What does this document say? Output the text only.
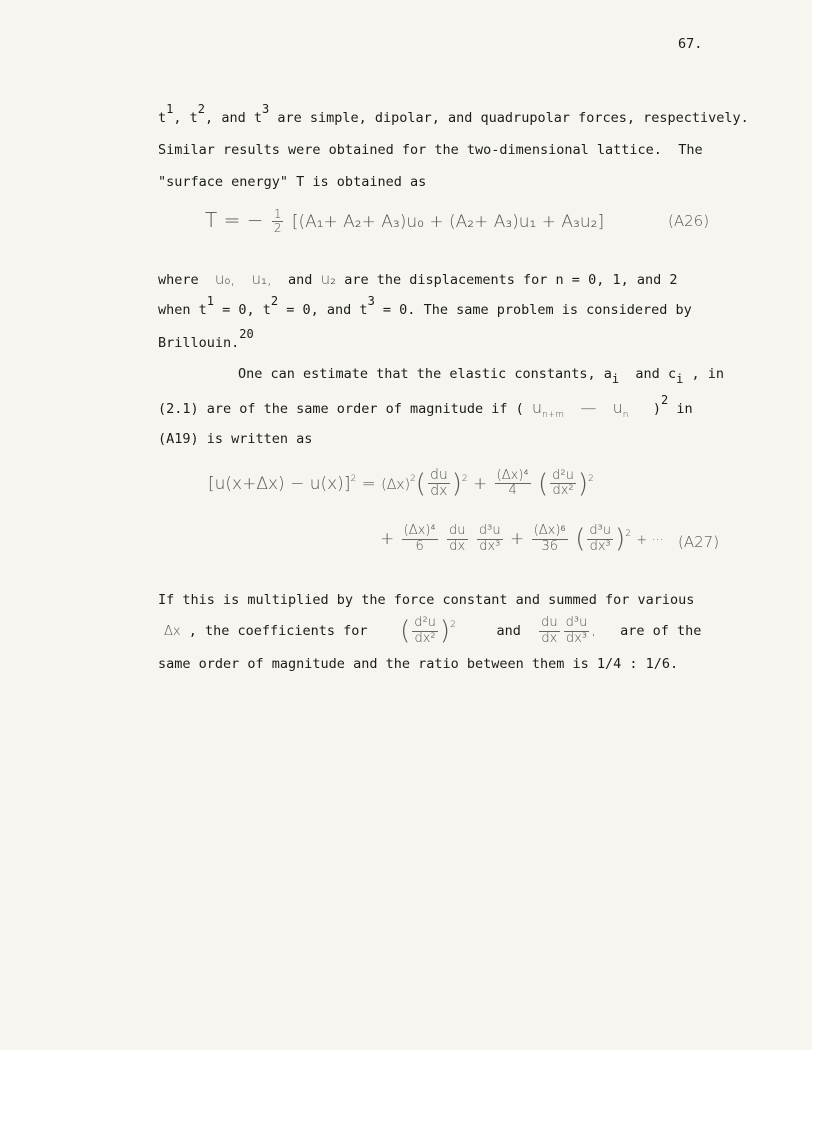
67.
t1, t2, and t3 are simple, dipolar, and quadrupolar forces, respectively.
Similar results were obtained for the two-dimensional lattice. The
"surface energy" T is obtained as
T = − $\frac{1}{2} [(A_1+ A_2+ A_3)u_0 + (A_2+ A_3)u_1 + A_3u_2]$	(A26)
where u₀, u₁, and u₂ are the displacements for n = 0, 1, and 2
when t1 = 0, t2 = 0, and t3 = 0. The same problem is considered by
Brillouin.20
One can estimate that the elastic constants, ai and ci , in
(2.1) are of the same order of magnitude if ( $u_{n+m}$ — $u_n$ )2 in
(A19) is written as
$[u(x+\Delta x) - u(x)]^2 = (\Delta x)^2( \frac{du}{dx} )^2 + \frac{\text{(Δx)⁴}}{4}$ ( $\frac{\text{d²u}}{\text{dx²}} )^2$
+ $\frac{\text{(Δx)⁴}}{6}$
$\frac{du}{dx}$
$\frac{\text{d³u}}{\text{dx³}} + \frac{\text{(Δx)⁶}}{36}$ ( $\frac{\text{d³u}}{\text{dx³}} )^2$ + ··· (A27)
If this is multiplied by the force constant and summed for various
Δx , the coefficients for ( $\frac{\text{d²u}}{\text{dx²}} )^2$	and $\frac{du}{dx} \frac{\text{d³u}}{\text{dx³}}$ , are of the
same order of magnitude and the ratio between them is 1/4 : 1/6.
